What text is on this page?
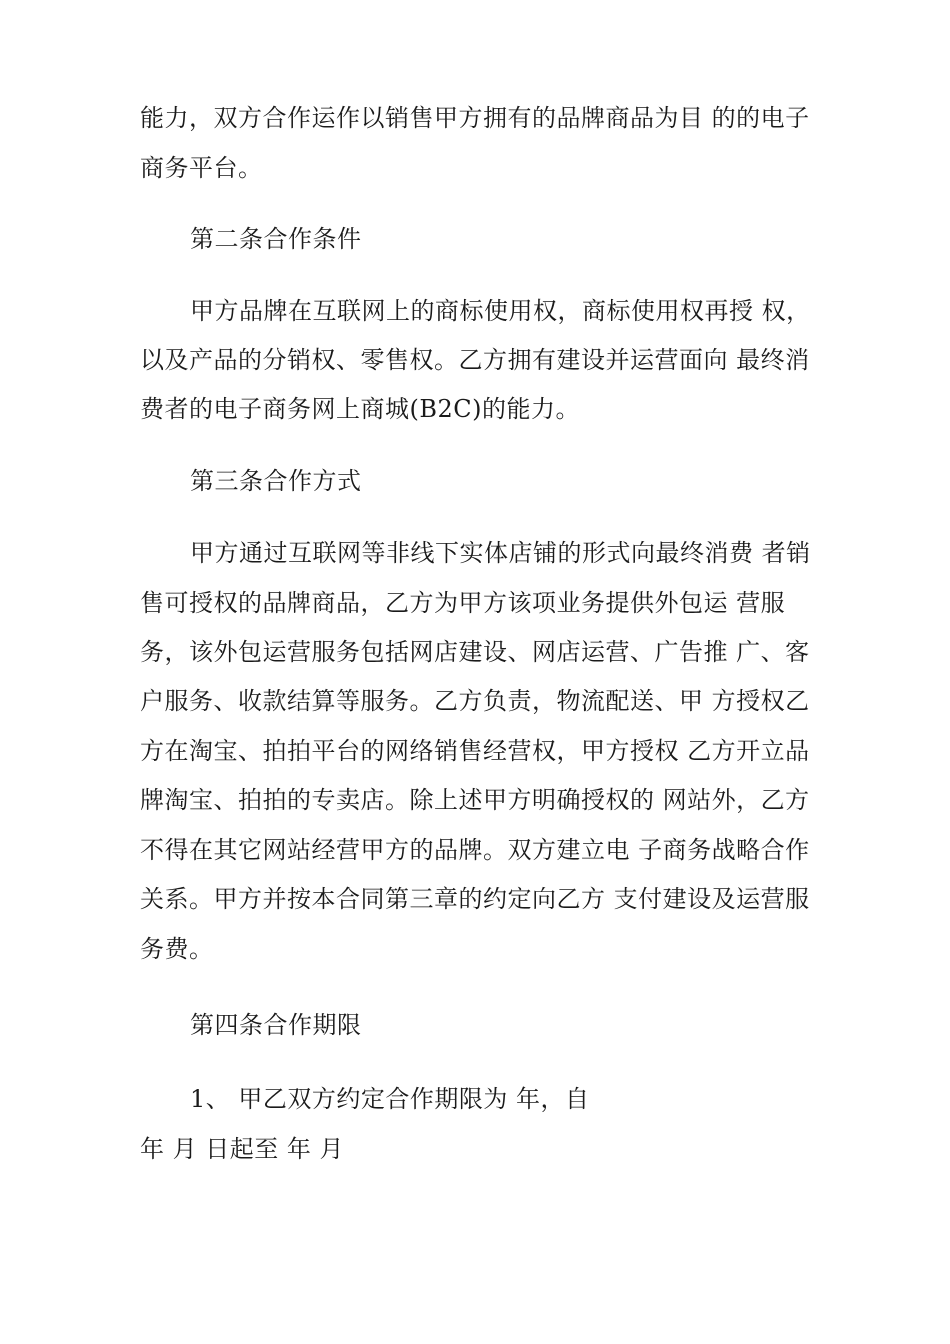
能力，双方合作运作以销售甲方拥有的品牌商品为目 的的电子
商务平台。
第二条合作条件
甲方品牌在互联网上的商标使用权，商标使用权再授 权，
以及产品的分销权、零售权。乙方拥有建设并运营面向 最终消
费者的电子商务网上商城(B2C)的能力。
第三条合作方式
甲方通过互联网等非线下实体店铺的形式向最终消费 者销
售可授权的品牌商品，乙方为甲方该项业务提供外包运 营服
务，该外包运营服务包括网店建设、网店运营、广告推 广、客
户服务、收款结算等服务。乙方负责，物流配送、甲 方授权乙
方在淘宝、拍拍平台的网络销售经营权，甲方授权 乙方开立品
牌淘宝、拍拍的专卖店。除上述甲方明确授权的 网站外，乙方
不得在其它网站经营甲方的品牌。双方建立电 子商务战略合作
关系。甲方并按本合同第三章的约定向乙方 支付建设及运营服
务费。
第四条合作期限
1、 甲乙双方约定合作期限为 年，自
年 月 日起至 年 月
